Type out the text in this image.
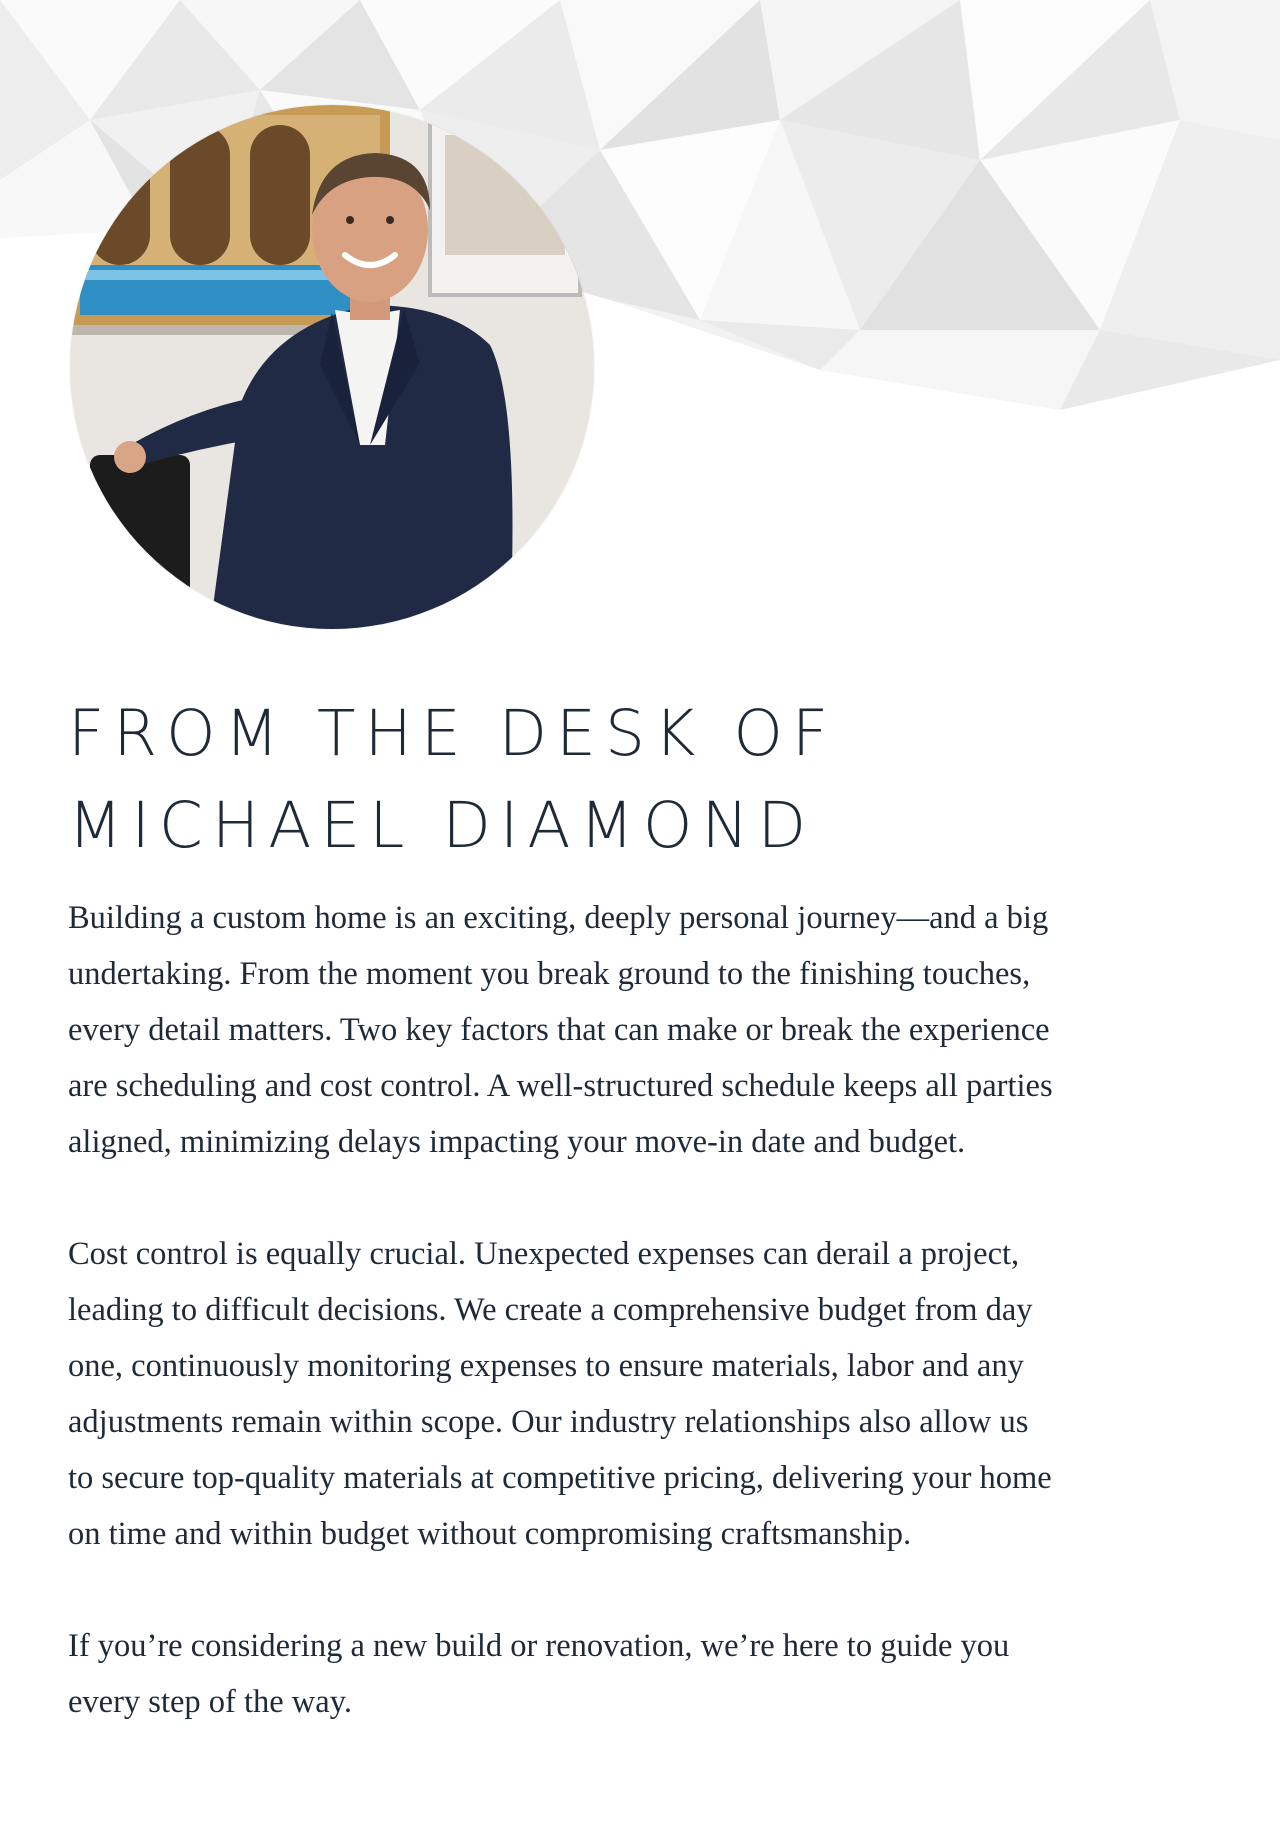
FROM THE DESK OF
MICHAEL DIAMOND

Building a custom home is an exciting, deeply personal journey—and a big
undertaking. From the moment you break ground to the finishing touches,
every detail matters. Two key factors that can make or break the experience
are scheduling and cost control. A well-structured schedule keeps all parties
aligned, minimizing delays impacting your move-in date and budget.

Cost control is equally crucial. Unexpected expenses can derail a project,
leading to difficult decisions. We create a comprehensive budget from day
one, continuously monitoring expenses to ensure materials, labor and any
adjustments remain within scope. Our industry relationships also allow us
to secure top-quality materials at competitive pricing, delivering your home
on time and within budget without compromising craftsmanship.

If you’re considering a new build or renovation, we’re here to guide you
every step of the way.
